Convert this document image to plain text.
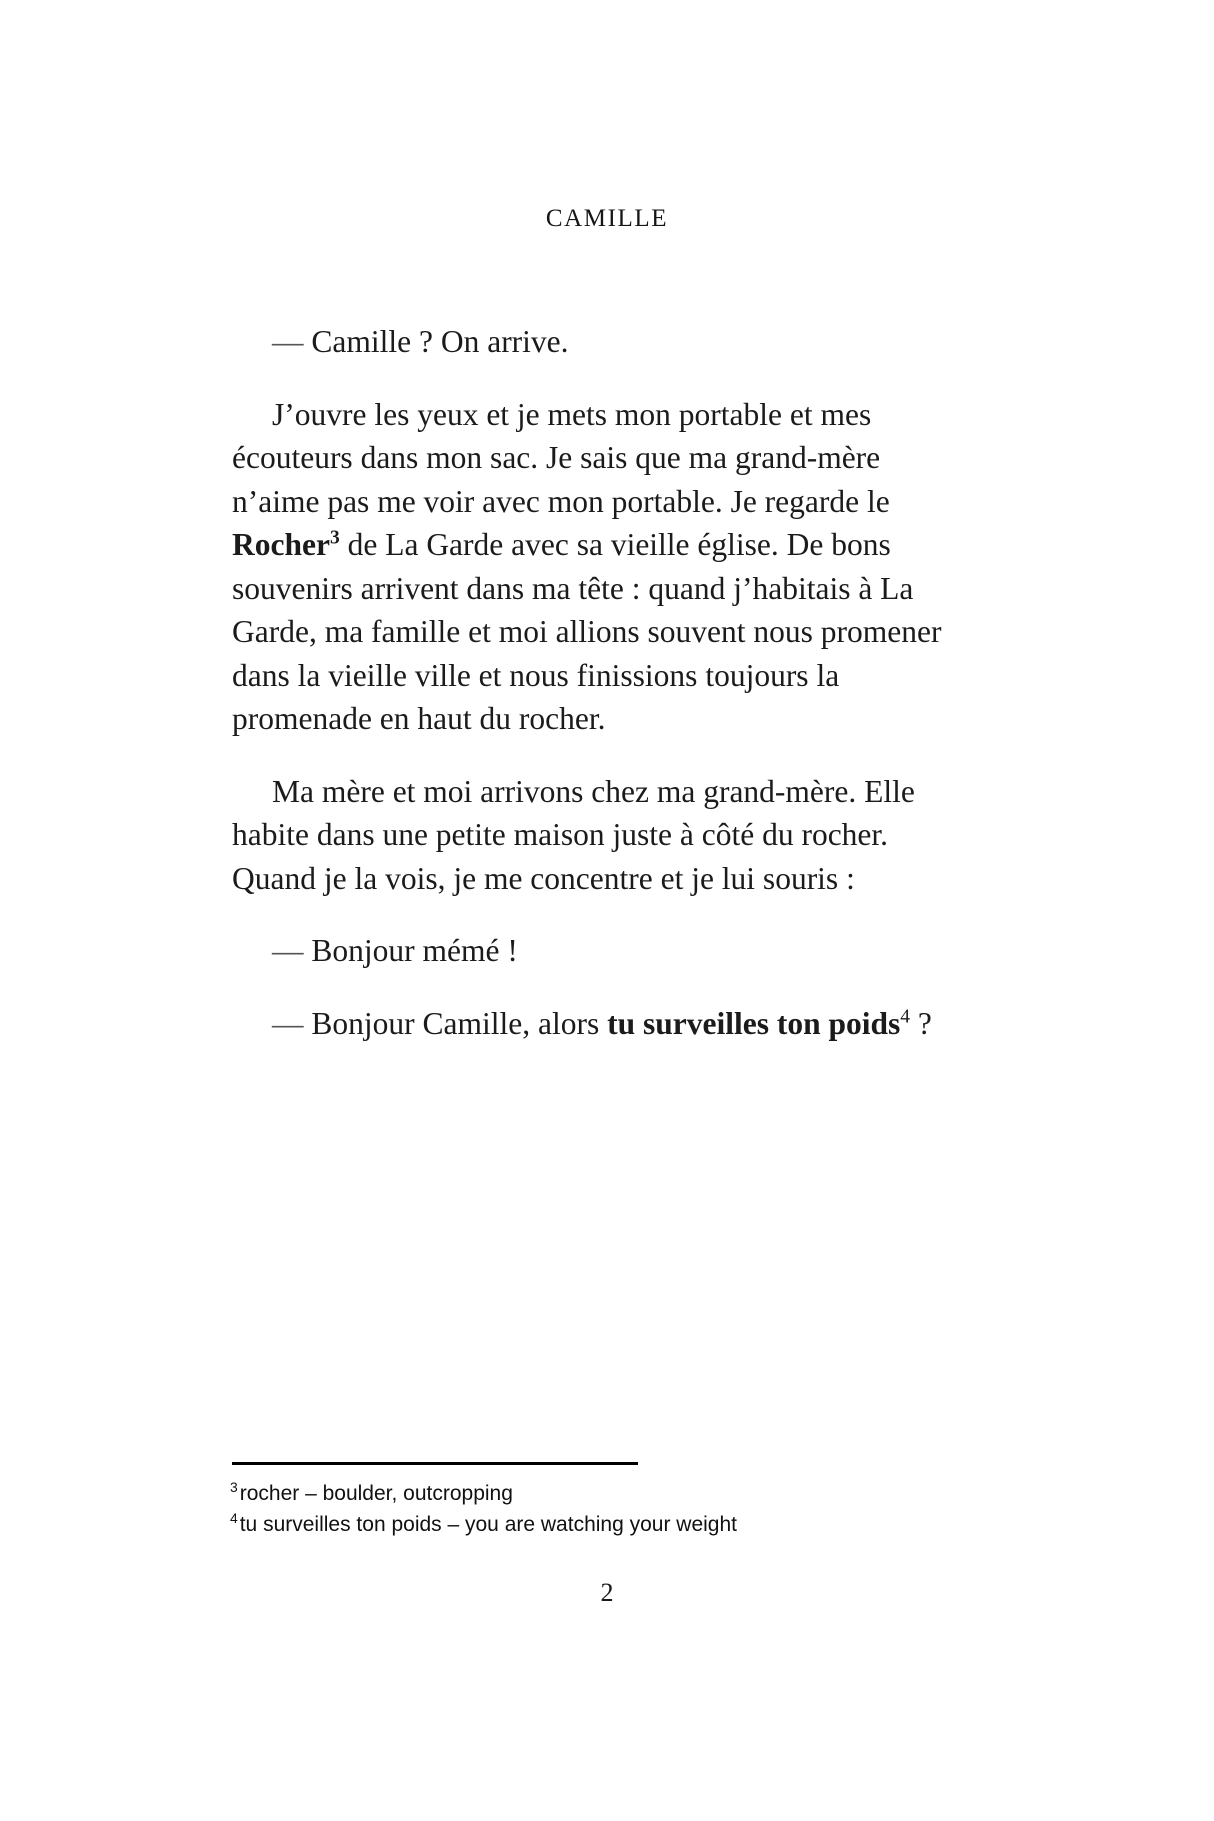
CAMILLE

— Camille ? On arrive.

J’ouvre les yeux et je mets mon portable et mes écouteurs dans mon sac. Je sais que ma grand-mère n’aime pas me voir avec mon portable. Je regarde le Rocher$^3$ de La Garde avec sa vieille église. De bons souvenirs arrivent dans ma tête : quand j’habitais à La Garde, ma famille et moi allions souvent nous promener dans la vieille ville et nous finissions toujours la promenade en haut du rocher.

Ma mère et moi arrivons chez ma grand-mère. Elle habite dans une petite maison juste à côté du rocher. Quand je la vois, je me concentre et je lui souris :

— Bonjour mémé !

— Bonjour Camille, alors tu surveilles ton poids$^4$ ?

$^3$rocher – boulder, outcropping

$^4$tu surveilles ton poids – you are watching your weight

2
